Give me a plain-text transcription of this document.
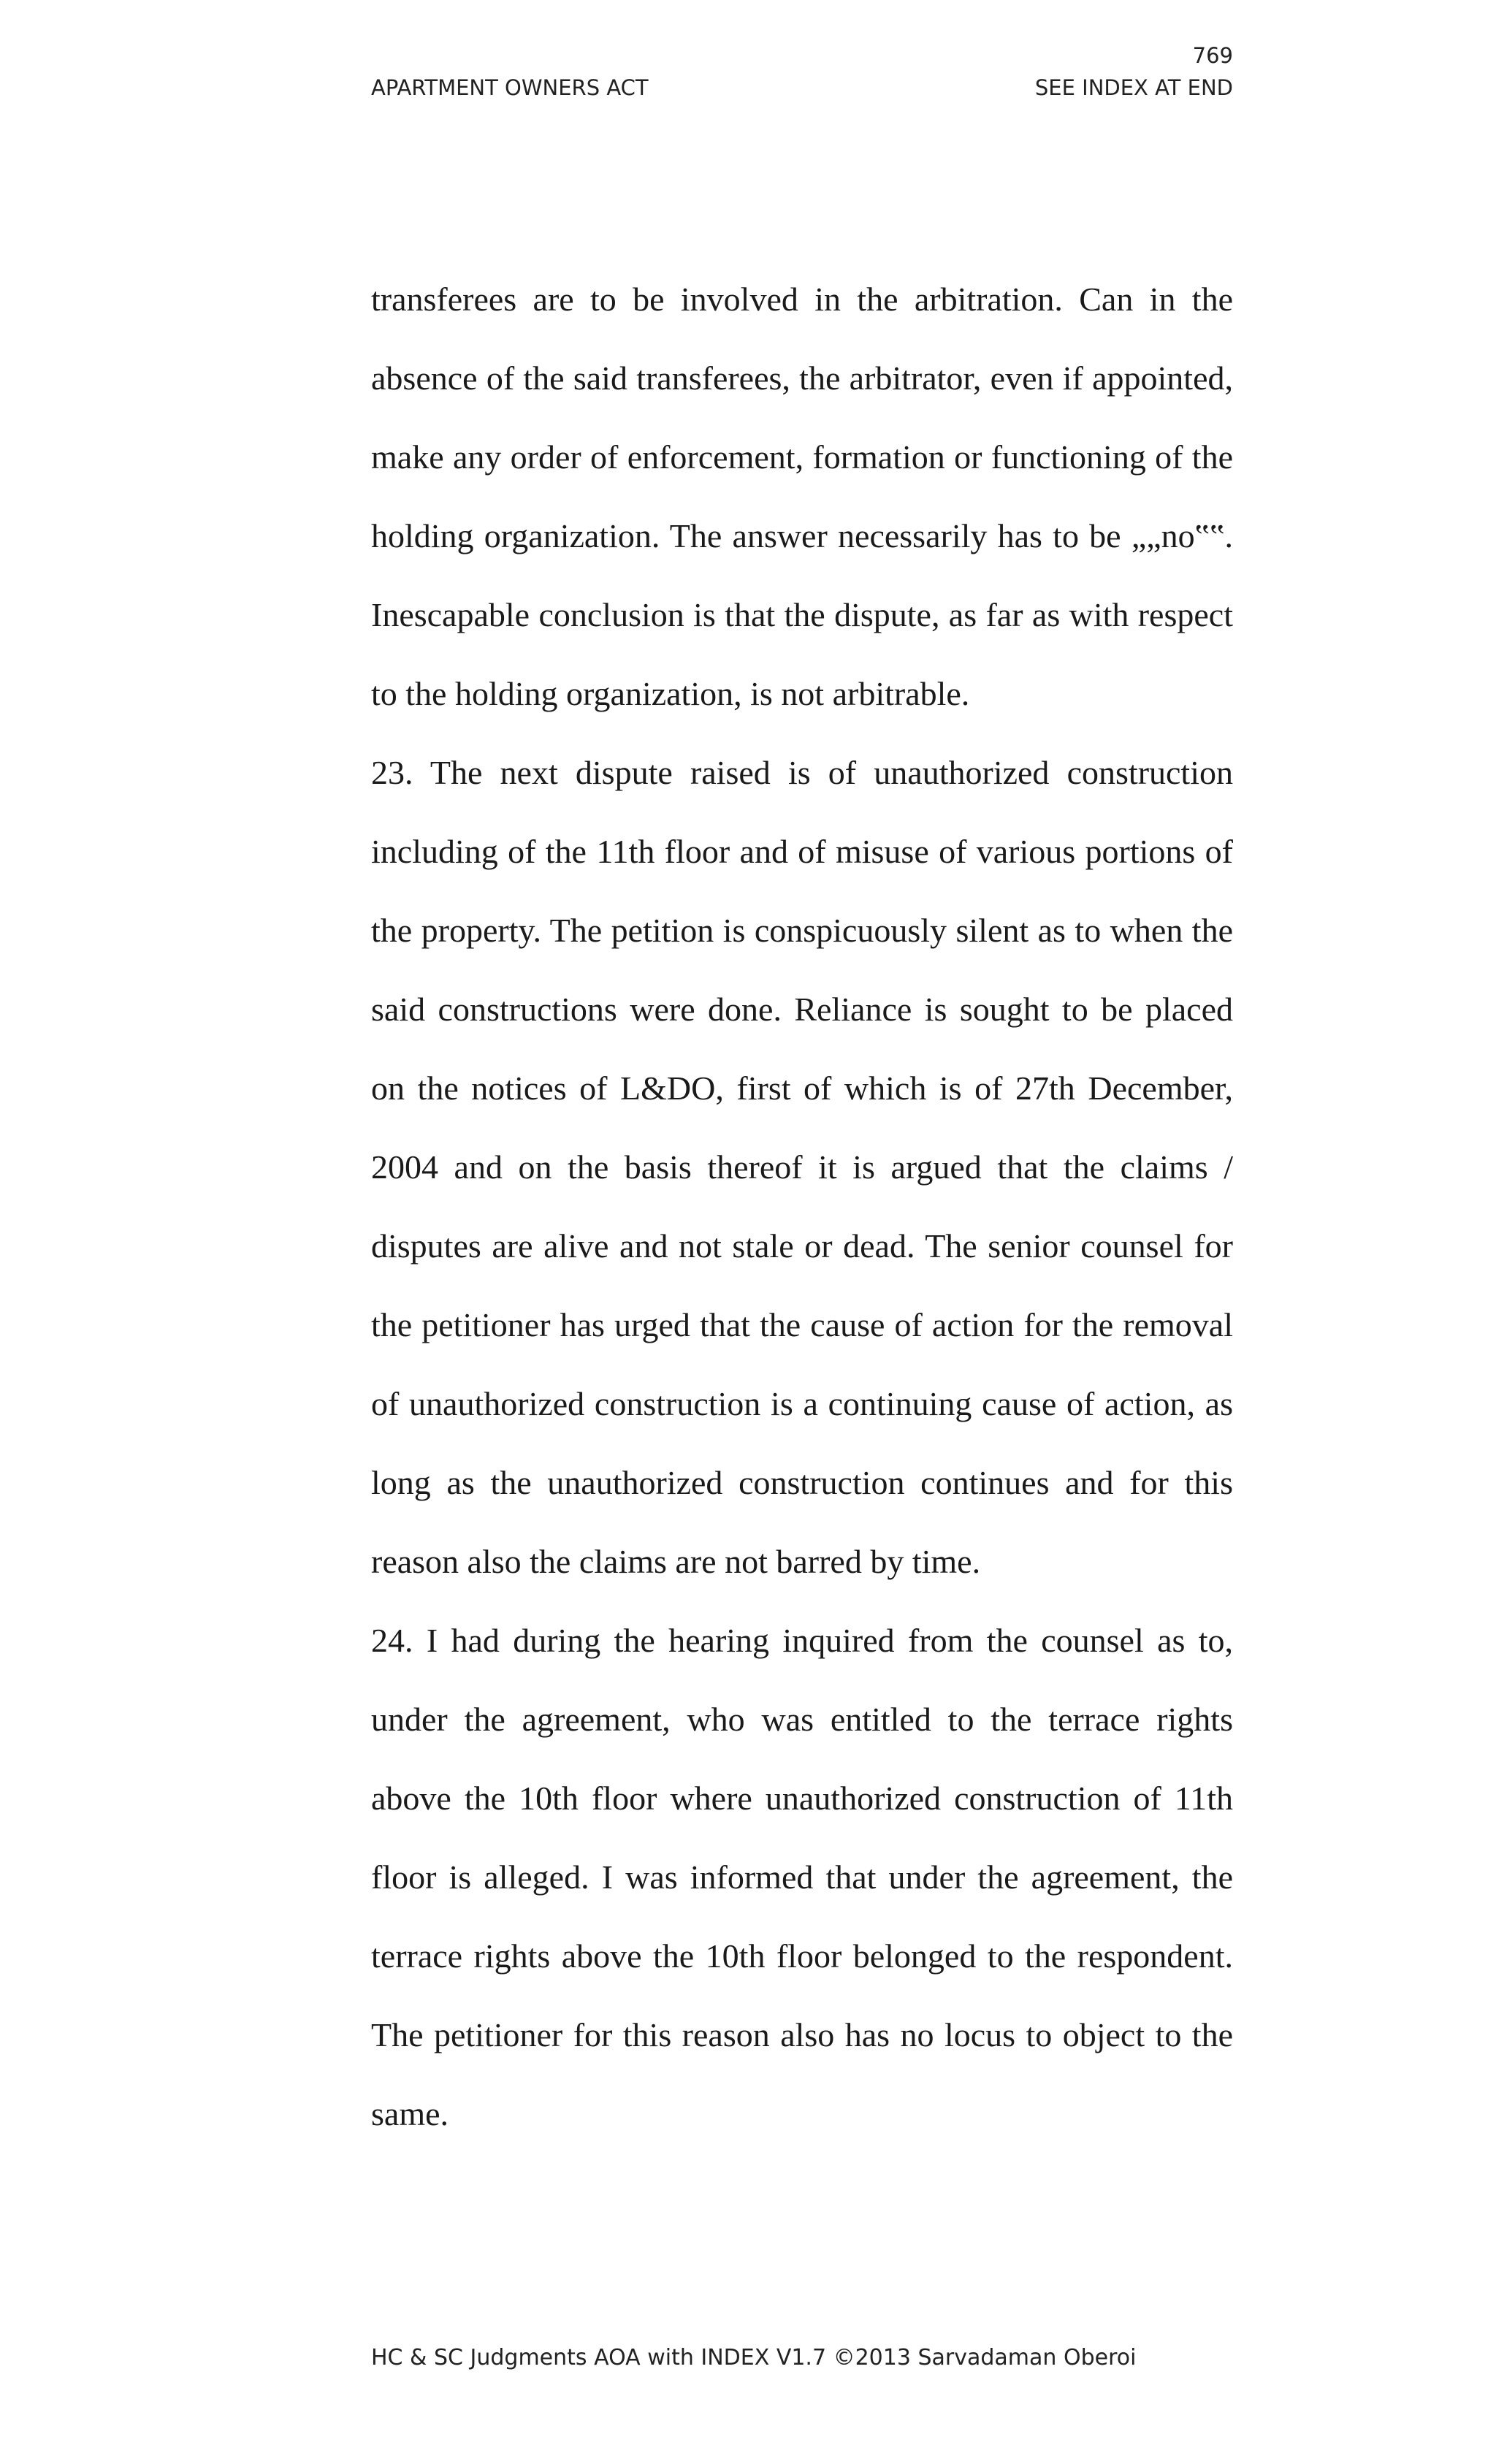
769
APARTMENT OWNERS ACT	SEE INDEX AT END

transferees are to be involved in the arbitration. Can in the absence of the said transferees, the arbitrator, even if appointed, make any order of enforcement, formation or functioning of the holding organization. The answer necessarily has to be „„no‟‟. Inescapable conclusion is that the dispute, as far as with respect to the holding organization, is not arbitrable.

23. The next dispute raised is of unauthorized construction including of the 11th floor and of misuse of various portions of the property. The petition is conspicuously silent as to when the said constructions were done. Reliance is sought to be placed on the notices of L&DO, first of which is of 27th December, 2004 and on the basis thereof it is argued that the claims / disputes are alive and not stale or dead. The senior counsel for the petitioner has urged that the cause of action for the removal of unauthorized construction is a continuing cause of action, as long as the unauthorized construction continues and for this reason also the claims are not barred by time.

24. I had during the hearing inquired from the counsel as to, under the agreement, who was entitled to the terrace rights above the 10th floor where unauthorized construction of 11th floor is alleged. I was informed that under the agreement, the terrace rights above the 10th floor belonged to the respondent. The petitioner for this reason also has no locus to object to the same.

HC & SC Judgments AOA with INDEX V1.7 ©2013 Sarvadaman Oberoi
